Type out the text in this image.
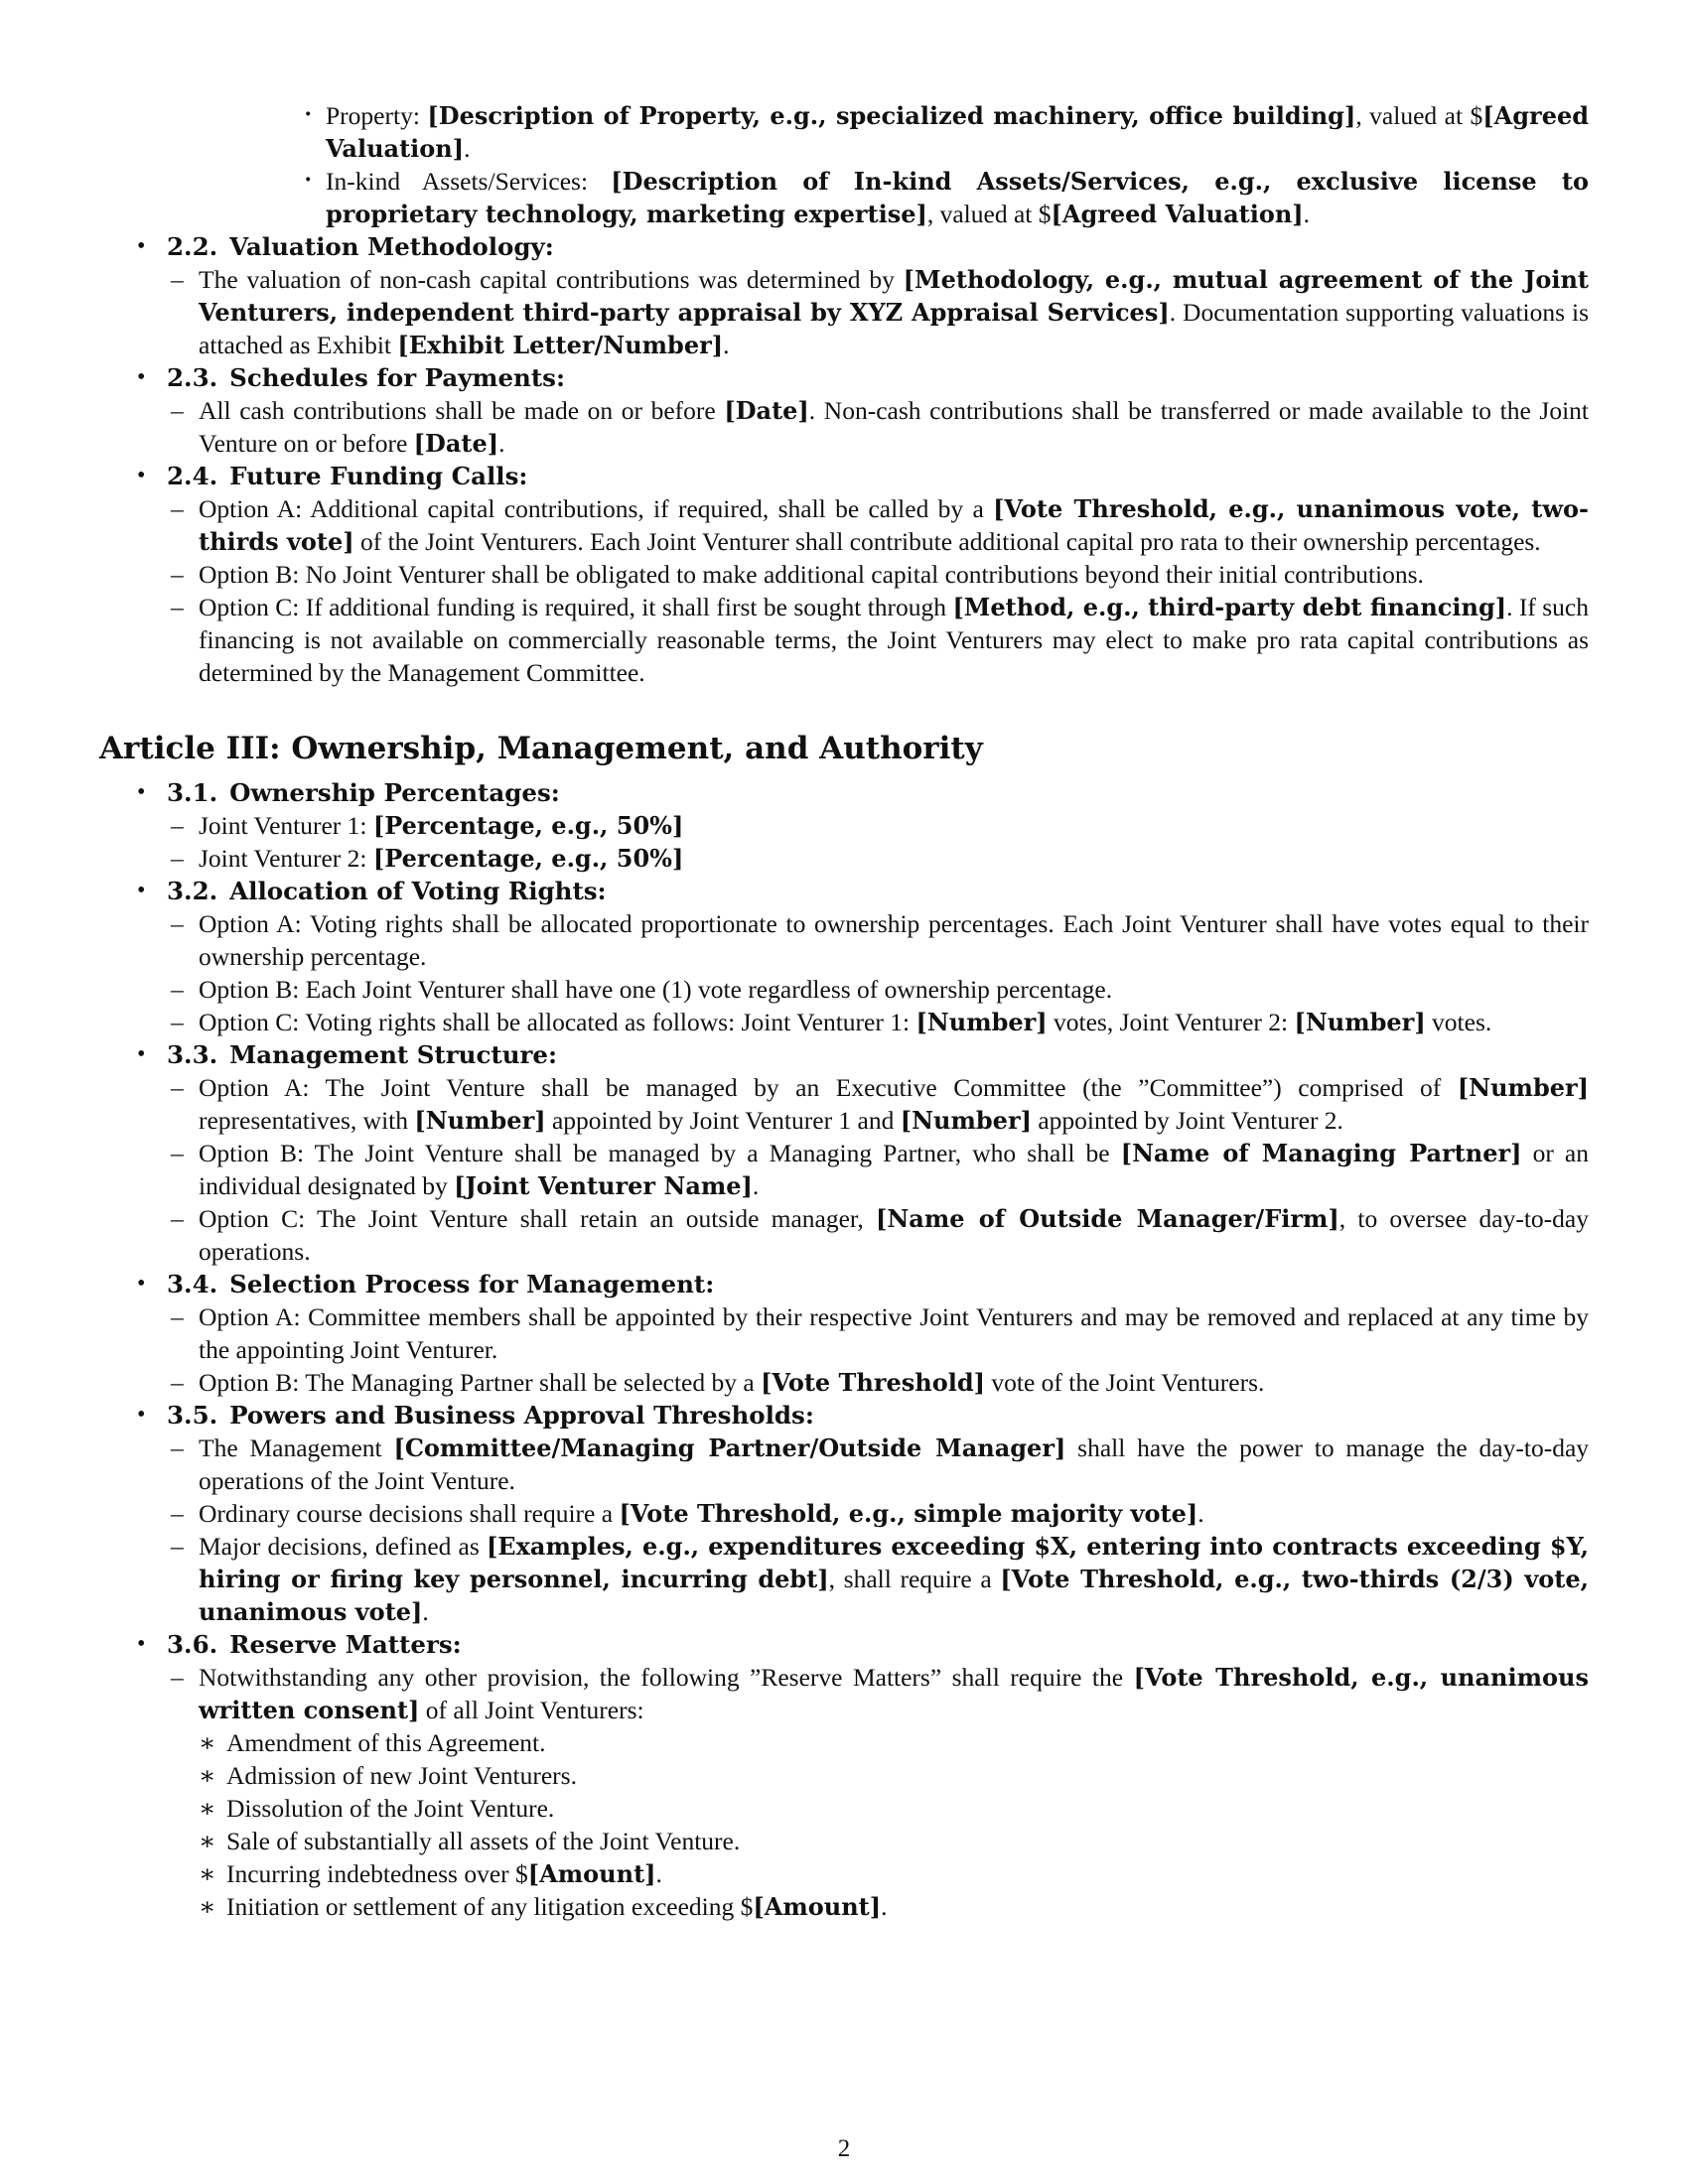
· Property: [Description of Property, e.g., specialized machinery, office building], valued at $[Agreed Valuation].
· In-kind Assets/Services: [Description of In-kind Assets/Services, e.g., exclusive license to proprietary technology, marketing expertise], valued at $[Agreed Valuation].
• 2.2. Valuation Methodology:
– The valuation of non-cash capital contributions was determined by [Methodology, e.g., mutual agreement of the Joint Venturers, independent third-party appraisal by XYZ Appraisal Services]. Documentation supporting valuations is attached as Exhibit [Exhibit Letter/Number].
• 2.3. Schedules for Payments:
– All cash contributions shall be made on or before [Date]. Non-cash contributions shall be transferred or made available to the Joint Venture on or before [Date].
• 2.4. Future Funding Calls:
– Option A: Additional capital contributions, if required, shall be called by a [Vote Threshold, e.g., unanimous vote, two-thirds vote] of the Joint Venturers. Each Joint Venturer shall contribute additional capital pro rata to their ownership percentages.
– Option B: No Joint Venturer shall be obligated to make additional capital contributions beyond their initial contributions.
– Option C: If additional funding is required, it shall first be sought through [Method, e.g., third-party debt financing]. If such financing is not available on commercially reasonable terms, the Joint Venturers may elect to make pro rata capital contributions as determined by the Management Committee.
Article III: Ownership, Management, and Authority
• 3.1. Ownership Percentages:
– Joint Venturer 1: [Percentage, e.g., 50%]
– Joint Venturer 2: [Percentage, e.g., 50%]
• 3.2. Allocation of Voting Rights:
– Option A: Voting rights shall be allocated proportionate to ownership percentages. Each Joint Venturer shall have votes equal to their ownership percentage.
– Option B: Each Joint Venturer shall have one (1) vote regardless of ownership percentage.
– Option C: Voting rights shall be allocated as follows: Joint Venturer 1: [Number] votes, Joint Venturer 2: [Number] votes.
• 3.3. Management Structure:
– Option A: The Joint Venture shall be managed by an Executive Committee (the ”Committee”) comprised of [Number] representatives, with [Number] appointed by Joint Venturer 1 and [Number] appointed by Joint Venturer 2.
– Option B: The Joint Venture shall be managed by a Managing Partner, who shall be [Name of Managing Partner] or an individual designated by [Joint Venturer Name].
– Option C: The Joint Venture shall retain an outside manager, [Name of Outside Manager/Firm], to oversee day-to-day operations.
• 3.4. Selection Process for Management:
– Option A: Committee members shall be appointed by their respective Joint Venturers and may be removed and replaced at any time by the appointing Joint Venturer.
– Option B: The Managing Partner shall be selected by a [Vote Threshold] vote of the Joint Venturers.
• 3.5. Powers and Business Approval Thresholds:
– The Management [Committee/Managing Partner/Outside Manager] shall have the power to manage the day-to-day operations of the Joint Venture.
– Ordinary course decisions shall require a [Vote Threshold, e.g., simple majority vote].
– Major decisions, defined as [Examples, e.g., expenditures exceeding $X, entering into contracts exceeding $Y, hiring or firing key personnel, incurring debt], shall require a [Vote Threshold, e.g., two-thirds (2/3) vote, unanimous vote].
• 3.6. Reserve Matters:
– Notwithstanding any other provision, the following ”Reserve Matters” shall require the [Vote Threshold, e.g., unanimous written consent] of all Joint Venturers:
∗ Amendment of this Agreement.
∗ Admission of new Joint Venturers.
∗ Dissolution of the Joint Venture.
∗ Sale of substantially all assets of the Joint Venture.
∗ Incurring indebtedness over $[Amount].
∗ Initiation or settlement of any litigation exceeding $[Amount].
2
